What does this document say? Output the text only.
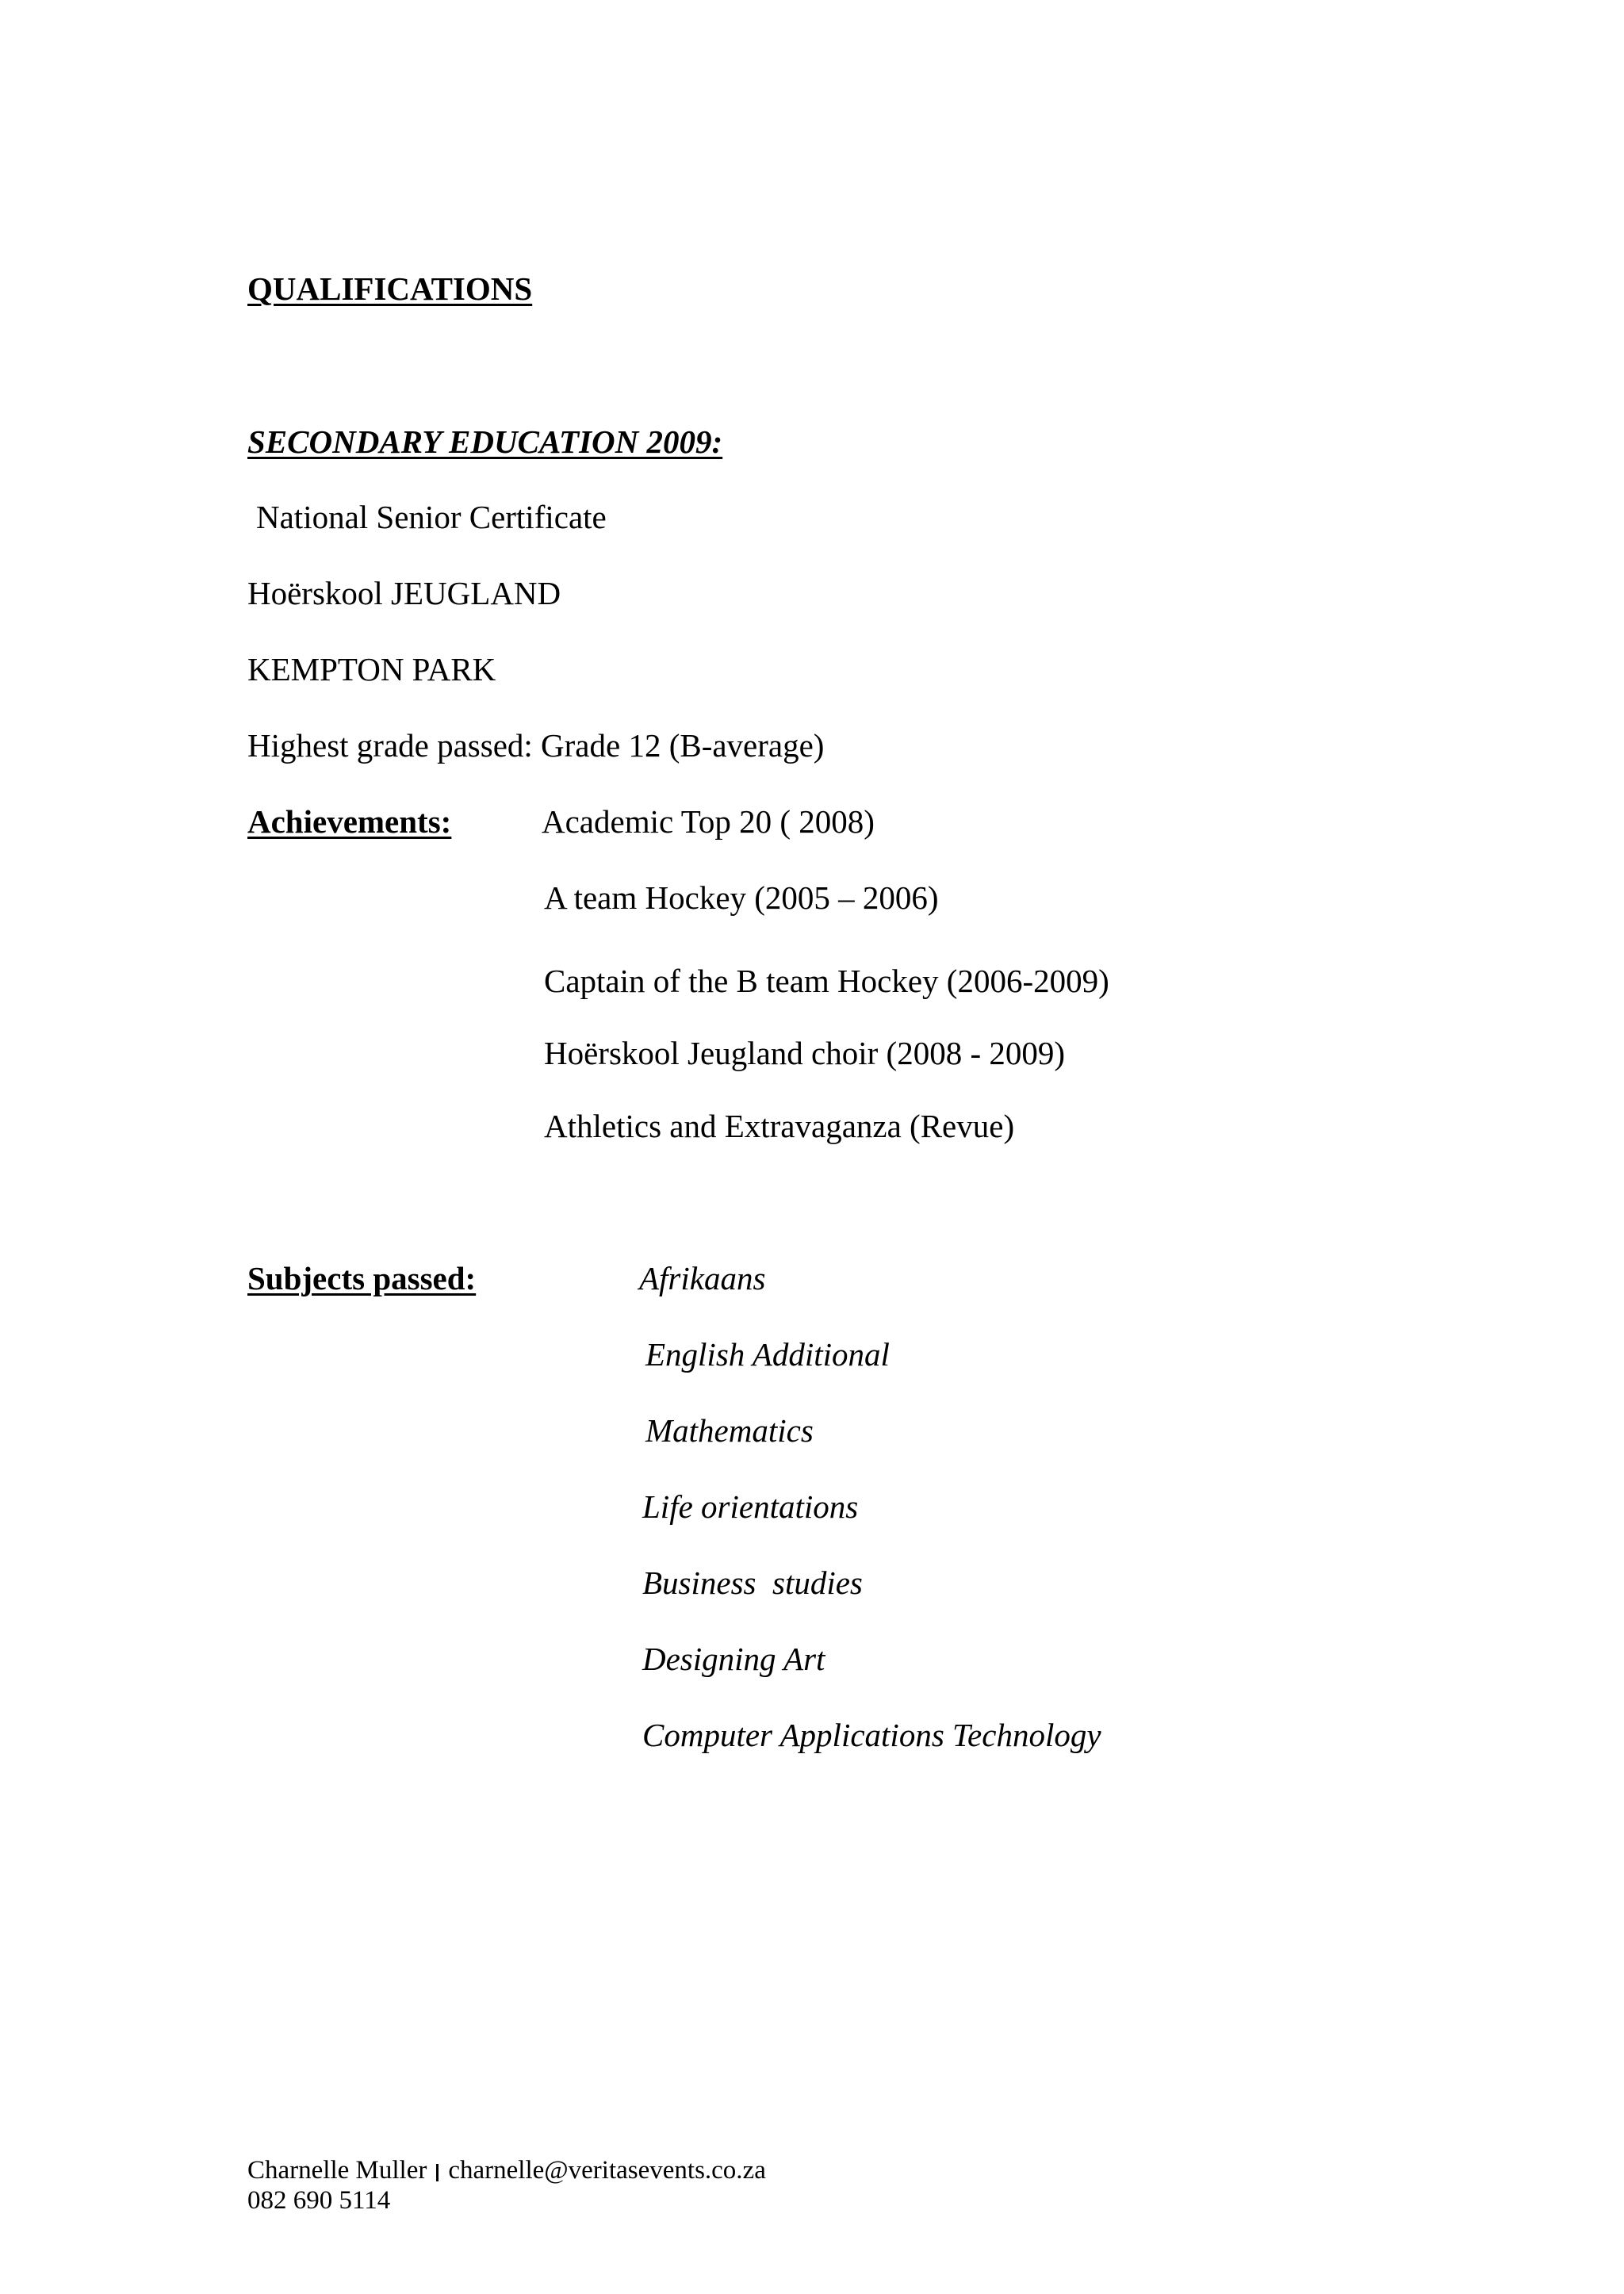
QUALIFICATIONS
SECONDARY EDUCATION 2009:
National Senior Certificate
Hoërskool JEUGLAND
KEMPTON PARK
Highest grade passed: Grade 12 (B-average)
Achievements:	Academic Top 20 ( 2008)
A team Hockey (2005 – 2006)
Captain of the B team Hockey (2006-2009)
Hoërskool Jeugland choir (2008 - 2009)
Athletics and Extravaganza (Revue)
Subjects passed:	Afrikaans
English Additional
Mathematics
Life orientations
Business  studies
Designing Art
Computer Applications Technology
Charnelle Muller charnelle@veritasevents.co.za
082 690 5114
